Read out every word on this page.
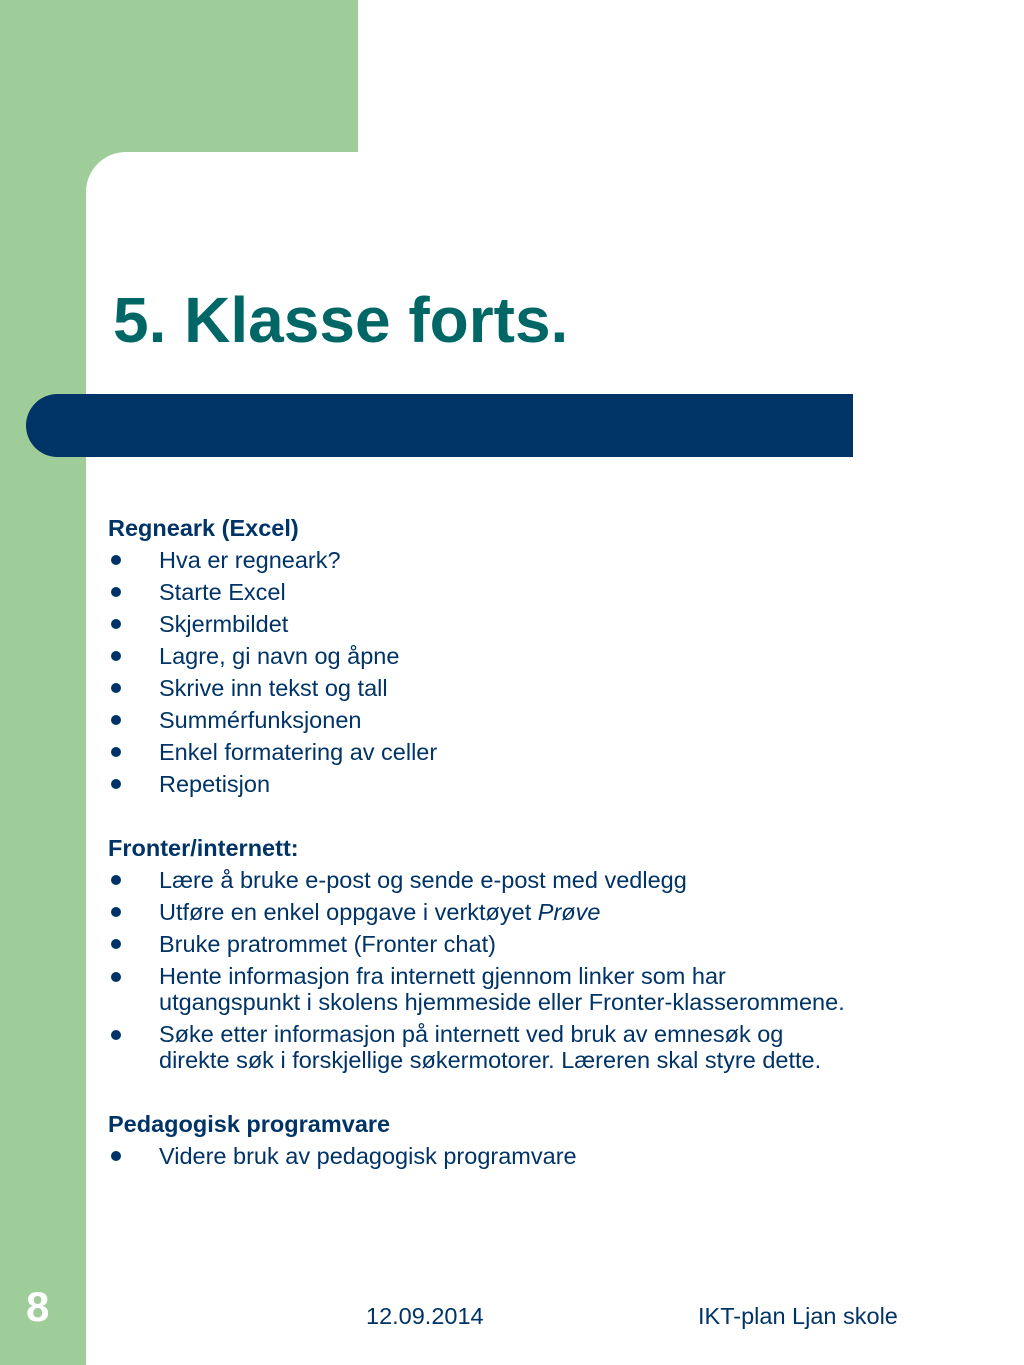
5. Klasse forts.

Regneark (Excel)

Hva er regneark?
Starte Excel
Skjermbildet
Lagre, gi navn og åpne
Skrive inn tekst og tall
Summérfunksjonen
Enkel formatering av celler
Repetisjon

Fronter/internett:

Lære å bruke e-post og sende e-post med vedlegg
Utføre en enkel oppgave i verktøyet Prøve
Bruke pratrommet (Fronter chat)
Hente informasjon fra internett gjennom linker som har
utgangspunkt i skolens hjemmeside eller Fronter-klasserommene.
Søke etter informasjon på internett ved bruk av emnesøk og
direkte søk i forskjellige søkermotorer. Læreren skal styre dette.

Pedagogisk programvare

Videre bruk av pedagogisk programvare
8	12.09.2014	IKT-plan Ljan skole
